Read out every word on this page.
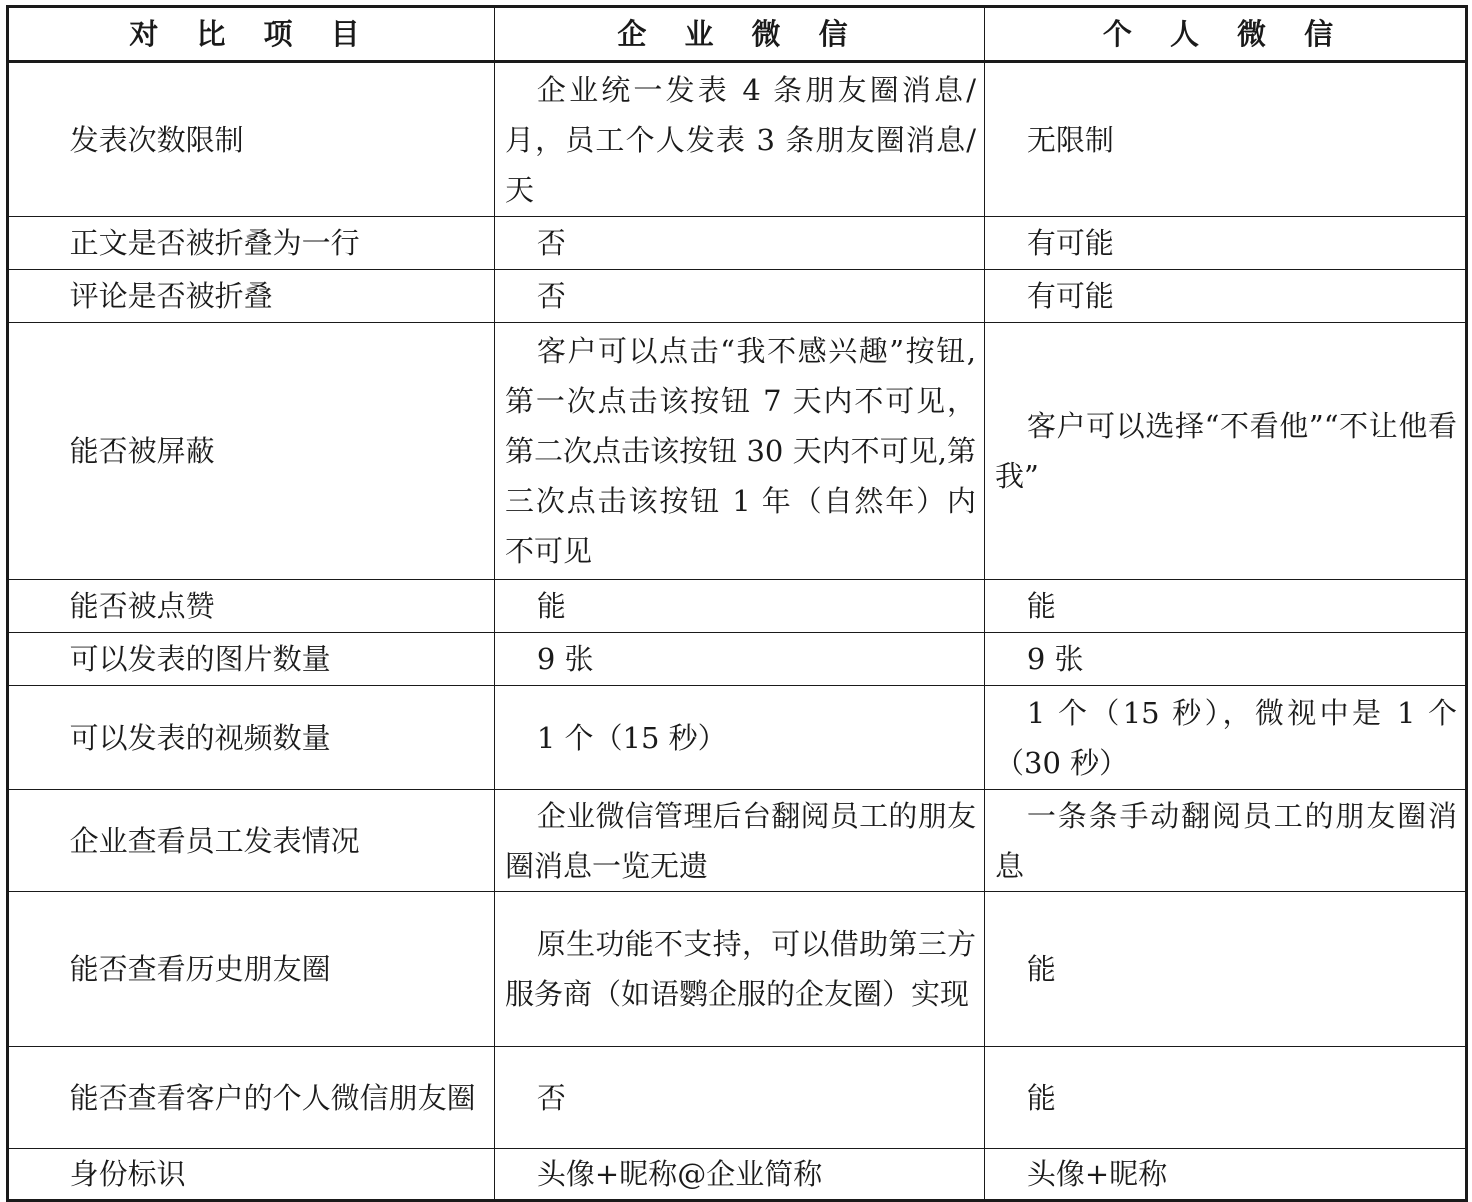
对 比 项 目	企 业 微 信	个 人 微 信
发表次数限制	企业统一发表 4 条朋友圈消息/月，员工个人发表 3 条朋友圈消息/天	无限制
正文是否被折叠为一行	否	有可能
评论是否被折叠	否	有可能
能否被屏蔽	客户可以点击“我不感兴趣”按钮,第一次点击该按钮 7 天内不可见，第二次点击该按钮 30 天内不可见,第三次点击该按钮 1 年（自然年）内不可见	客户可以选择“不看他”“不让他看我”
能否被点赞	能	能
可以发表的图片数量	9 张	9 张
可以发表的视频数量	1 个（15 秒）	1 个（15 秒），微视中是 1 个（30 秒）
企业查看员工发表情况	企业微信管理后台翻阅员工的朋友圈消息一览无遗	一条条手动翻阅员工的朋友圈消息
能否查看历史朋友圈	原生功能不支持，可以借助第三方服务商（如语鹦企服的企友圈）实现	能
能否查看客户的个人微信朋友圈	否	能
身份标识	头像+昵称@企业简称	头像+昵称
